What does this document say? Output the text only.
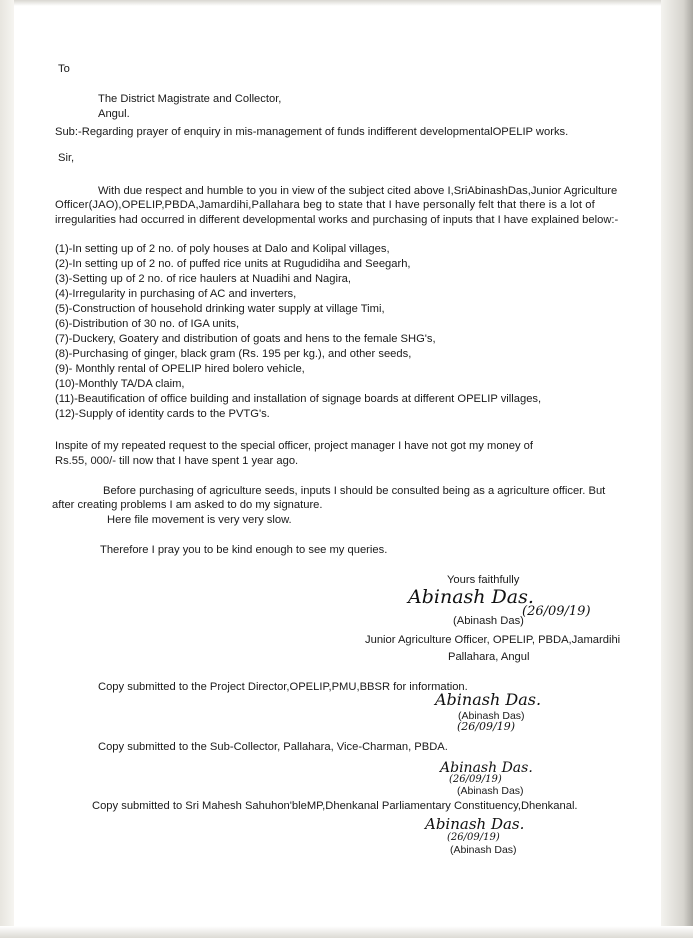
To
The District Magistrate and Collector,
Angul.
Sub:-Regarding prayer of enquiry in mis-management of funds indifferent developmentalOPELIP works.
Sir,
With due respect and humble to you in view of the subject cited above I,SriAbinashDas,Junior Agriculture
Officer(JAO),OPELIP,PBDA,Jamardihi,Pallahara beg to state that I have personally felt that there is a lot of
irregularities had occurred in different developmental works and purchasing of inputs that I have explained below:-
(1)-In setting up of 2 no. of poly houses at Dalo and Kolipal villages,
(2)-In setting up of 2 no. of puffed rice units at Rugudidiha and Seegarh,
(3)-Setting up of 2 no. of rice haulers at Nuadihi and Nagira,
(4)-Irregularity in purchasing of AC and inverters,
(5)-Construction of household drinking water supply at village Timi,
(6)-Distribution of 30 no. of IGA units,
(7)-Duckery, Goatery and distribution of goats and hens to the female SHG's,
(8)-Purchasing of ginger, black gram (Rs. 195 per kg.), and other seeds,
(9)- Monthly rental of OPELIP hired bolero vehicle,
(10)-Monthly TA/DA claim,
(11)-Beautification of office building and installation of signage boards at different OPELIP villages,
(12)-Supply of identity cards to the PVTG's.
Inspite of my repeated request to the special officer, project manager I have not got my money of
Rs.55, 000/- till now that I have spent 1 year ago.
Before purchasing of agriculture seeds, inputs I should be consulted being as a agriculture officer. But
after creating problems I am asked to do my signature.
Here file movement is very very slow.
Therefore I pray you to be kind enough to see my queries.
Yours faithfully
Abinash Das.
(26/09/19)
(Abinash Das)
Junior Agriculture Officer, OPELIP, PBDA,Jamardihi
Pallahara, Angul
Copy submitted to the Project Director,OPELIP,PMU,BBSR for information.
Abinash Das.
(Abinash Das)
(26/09/19)
Copy submitted to the Sub-Collector, Pallahara, Vice-Charman, PBDA.
Abinash Das.
(26/09/19)
(Abinash Das)
Copy submitted to Sri Mahesh Sahuhon'bleMP,Dhenkanal Parliamentary Constituency,Dhenkanal.
Abinash Das.
(26/09/19)
(Abinash Das)
